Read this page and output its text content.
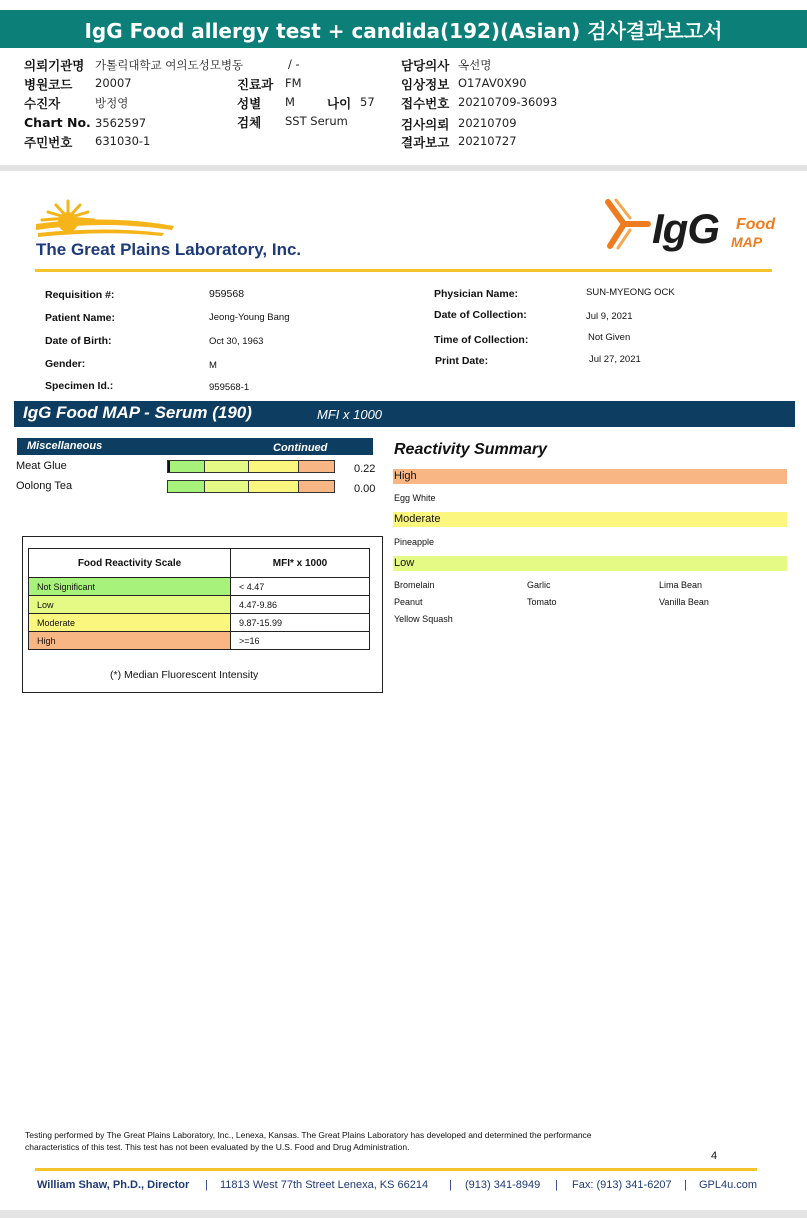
IgG Food allergy test + candida(192)(Asian) 검사결과보고서
의뢰기관명 가톨릭대학교 여의도성모병동	/ -
병원코드 20007
수진자	방정영
Chart No. 3562597
주민번호 631030-1
진료과 FM
성별 M	나이 57
검체 SST Serum
담당의사 옥선명
임상정보 O17AV0X90
접수번호 20210709-36093
검사의뢰 20210709
결과보고 20210727
The Great Plains Laboratory, Inc.	IgG Food
MAP
Requisition #:	959568
Patient Name:	Jeong-Young Bang
Date of Birth:	Oct 30, 1963
Gender:	M
Specimen Id.:	959568-1
Physician Name:	SUN-MYEONG OCK
Date of Collection:	Jul 9, 2021
Time of Collection:	Not Given
Print Date:	Jul 27, 2021
IgG Food MAP - Serum (190)	MFI x 1000
Miscellaneous	Continued
Meat Glue	0.22
Oolong Tea	0.00
Food Reactivity Scale	MFI* x 1000
Not Significant	< 4.47
Low	4.47-9.86
Moderate	9.87-15.99
High	>=16
(*) Median Fluorescent Intensity
Reactivity Summary
High
Egg White
Moderate
Pineapple
Low
Bromelain	Garlic	Lima Bean
Peanut	Tomato	Vanilla Bean
Yellow Squash
Testing performed by The Great Plains Laboratory, Inc., Lenexa, Kansas. The Great Plains Laboratory has developed and determined the performance
characteristics of this test. This test has not been evaluated by the U.S. Food and Drug Administration.
4
William Shaw, Ph.D., Director | 11813 West 77th Street Lenexa, KS 66214 | (913) 341-8949 | Fax: (913) 341-6207 | GPL4u.com
